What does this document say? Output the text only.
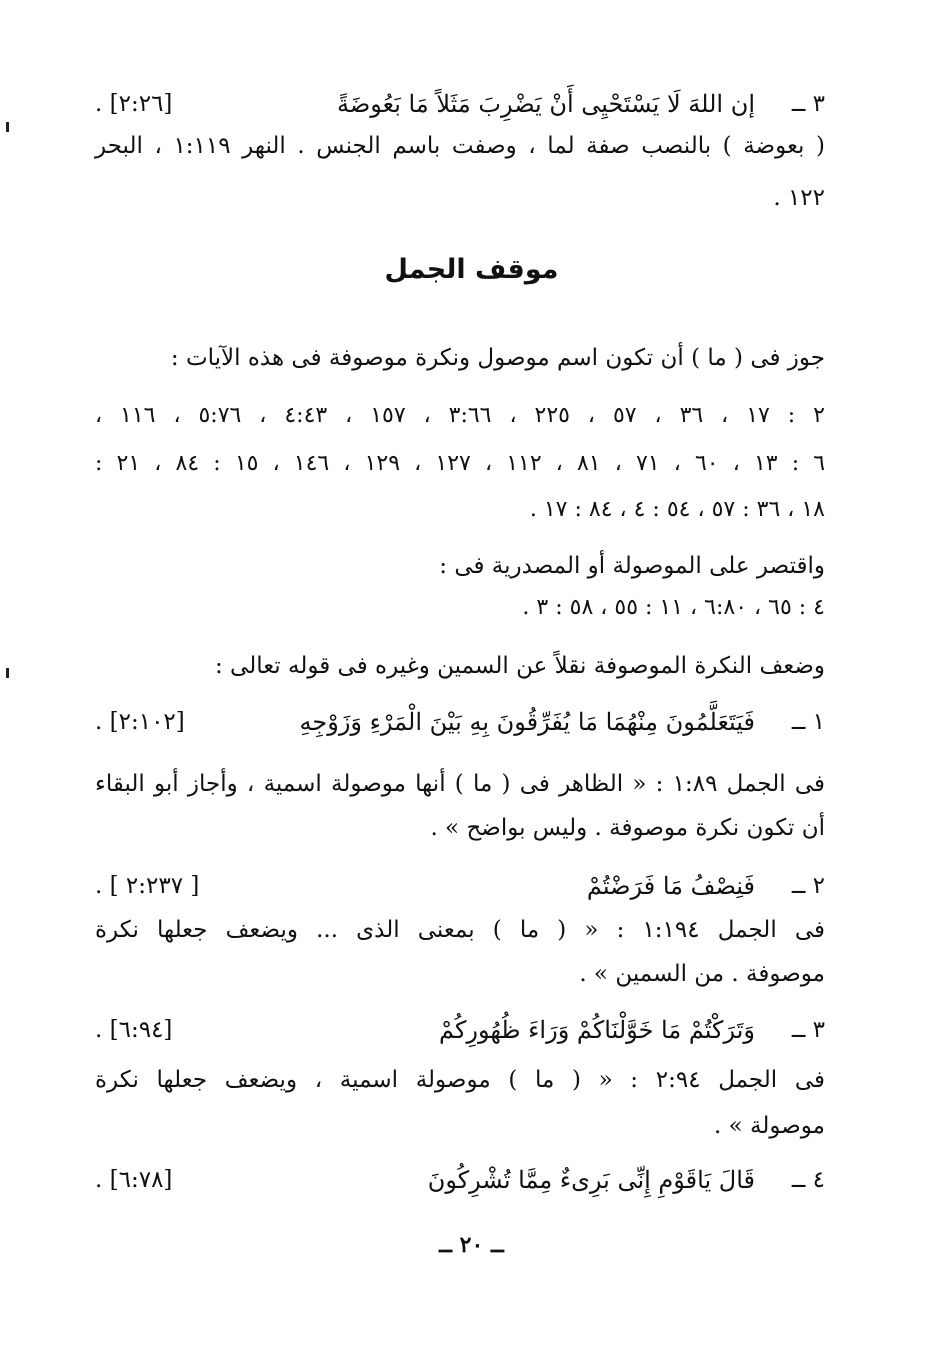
٣ ــ
إن اللهَ لَا يَسْتَحْيِى أَنْ يَضْرِبَ مَثَلاً مَا بَعُوضَةً
[٢:٢٦] .
( بعوضة ) بالنصب صفة لما ، وصفت باسم الجنس . النهر ١:١١٩ ، البحر
١٢٢ .
موقف الجمل
جوز فى ( ما ) أن تكون اسم موصول ونكرة موصوفة فى هذه الآيات :
٢ : ١٧ ، ٣٦ ، ٥٧ ، ٢٢٥ ، ٣:٦٦ ، ١٥٧ ، ٤:٤٣ ، ٥:٧٦ ، ١١٦ ،
٦ : ١٣ ، ٦٠ ، ٧١ ، ٨١ ، ١١٢ ، ١٢٧ ، ١٢٩ ، ١٤٦ ، ١٥ : ٨٤ ، ٢١ :
١٨ ، ٣٦ : ٥٧ ، ٥٤ : ٤ ، ٨٤ : ١٧ .
واقتصر على الموصولة أو المصدرية فى :
٤ : ٦٥ ، ٦:٨٠ ، ١١ : ٥٥ ، ٥٨ : ٣ .
وضعف النكرة الموصوفة نقلاً عن السمين وغيره فى قوله تعالى :
١ ــ
فَيَتَعَلَّمُونَ مِنْهُمَا مَا يُفَرِّقُونَ بِهِ بَيْنَ الْمَرْءِ وَزَوْجِهِ
[٢:١٠٢] .
فى الجمل ١:٨٩ : « الظاهر فى ( ما ) أنها موصولة اسمية ، وأجاز أبو البقاء
أن تكون نكرة موصوفة . وليس بواضح » .
٢ ــ
فَنِصْفُ مَا فَرَضْتُمْ
[ ٢:٢٣٧ ] .
فى الجمل ١:١٩٤ : « ( ما ) بمعنى الذى ... ويضعف جعلها نكرة
موصوفة . من السمين » .
٣ ــ
وَتَرَكْتُمْ مَا خَوَّلْنَاكُمْ وَرَاءَ ظُهُورِكُمْ
[٦:٩٤] .
فى الجمل ٢:٩٤ : « ( ما ) موصولة اسمية ، ويضعف جعلها نكرة
موصولة » .
٤ ــ
قَالَ يَاقَوْمِ إِنِّى بَرِىءٌ مِمَّا تُشْرِكُونَ
[٦:٧٨] .
ــ ٢٠ ــ
